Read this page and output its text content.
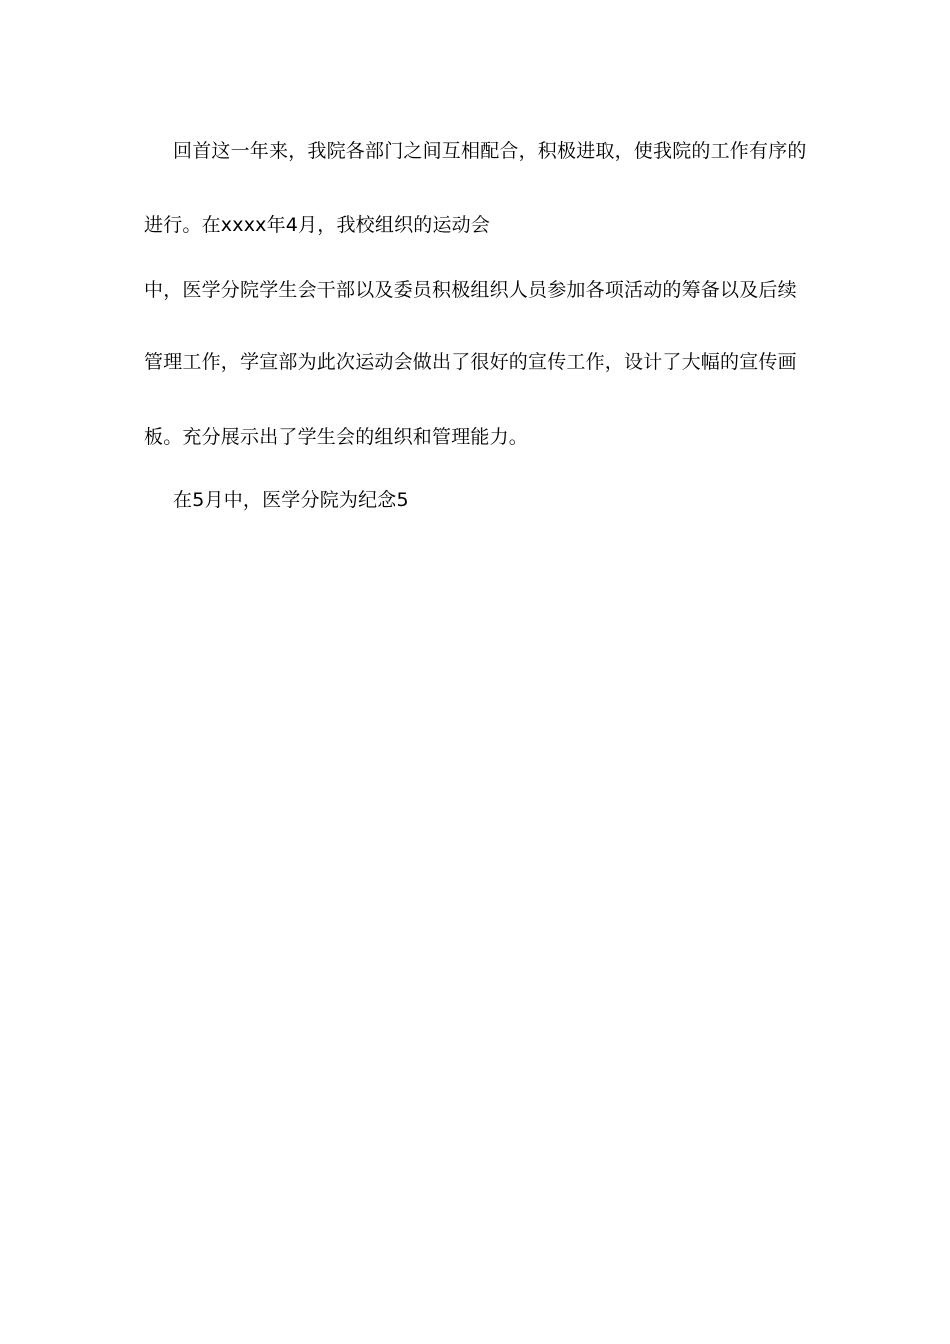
回首这一年来，我院各部门之间互相配合，积极进取，使我院的工作有序的
进行。在xxxx年4月，我校组织的运动会
中，医学分院学生会干部以及委员积极组织人员参加各项活动的筹备以及后续
管理工作，学宣部为此次运动会做出了很好的宣传工作，设计了大幅的宣传画
板。充分展示出了学生会的组织和管理能力。
在5月中，医学分院为纪念5
